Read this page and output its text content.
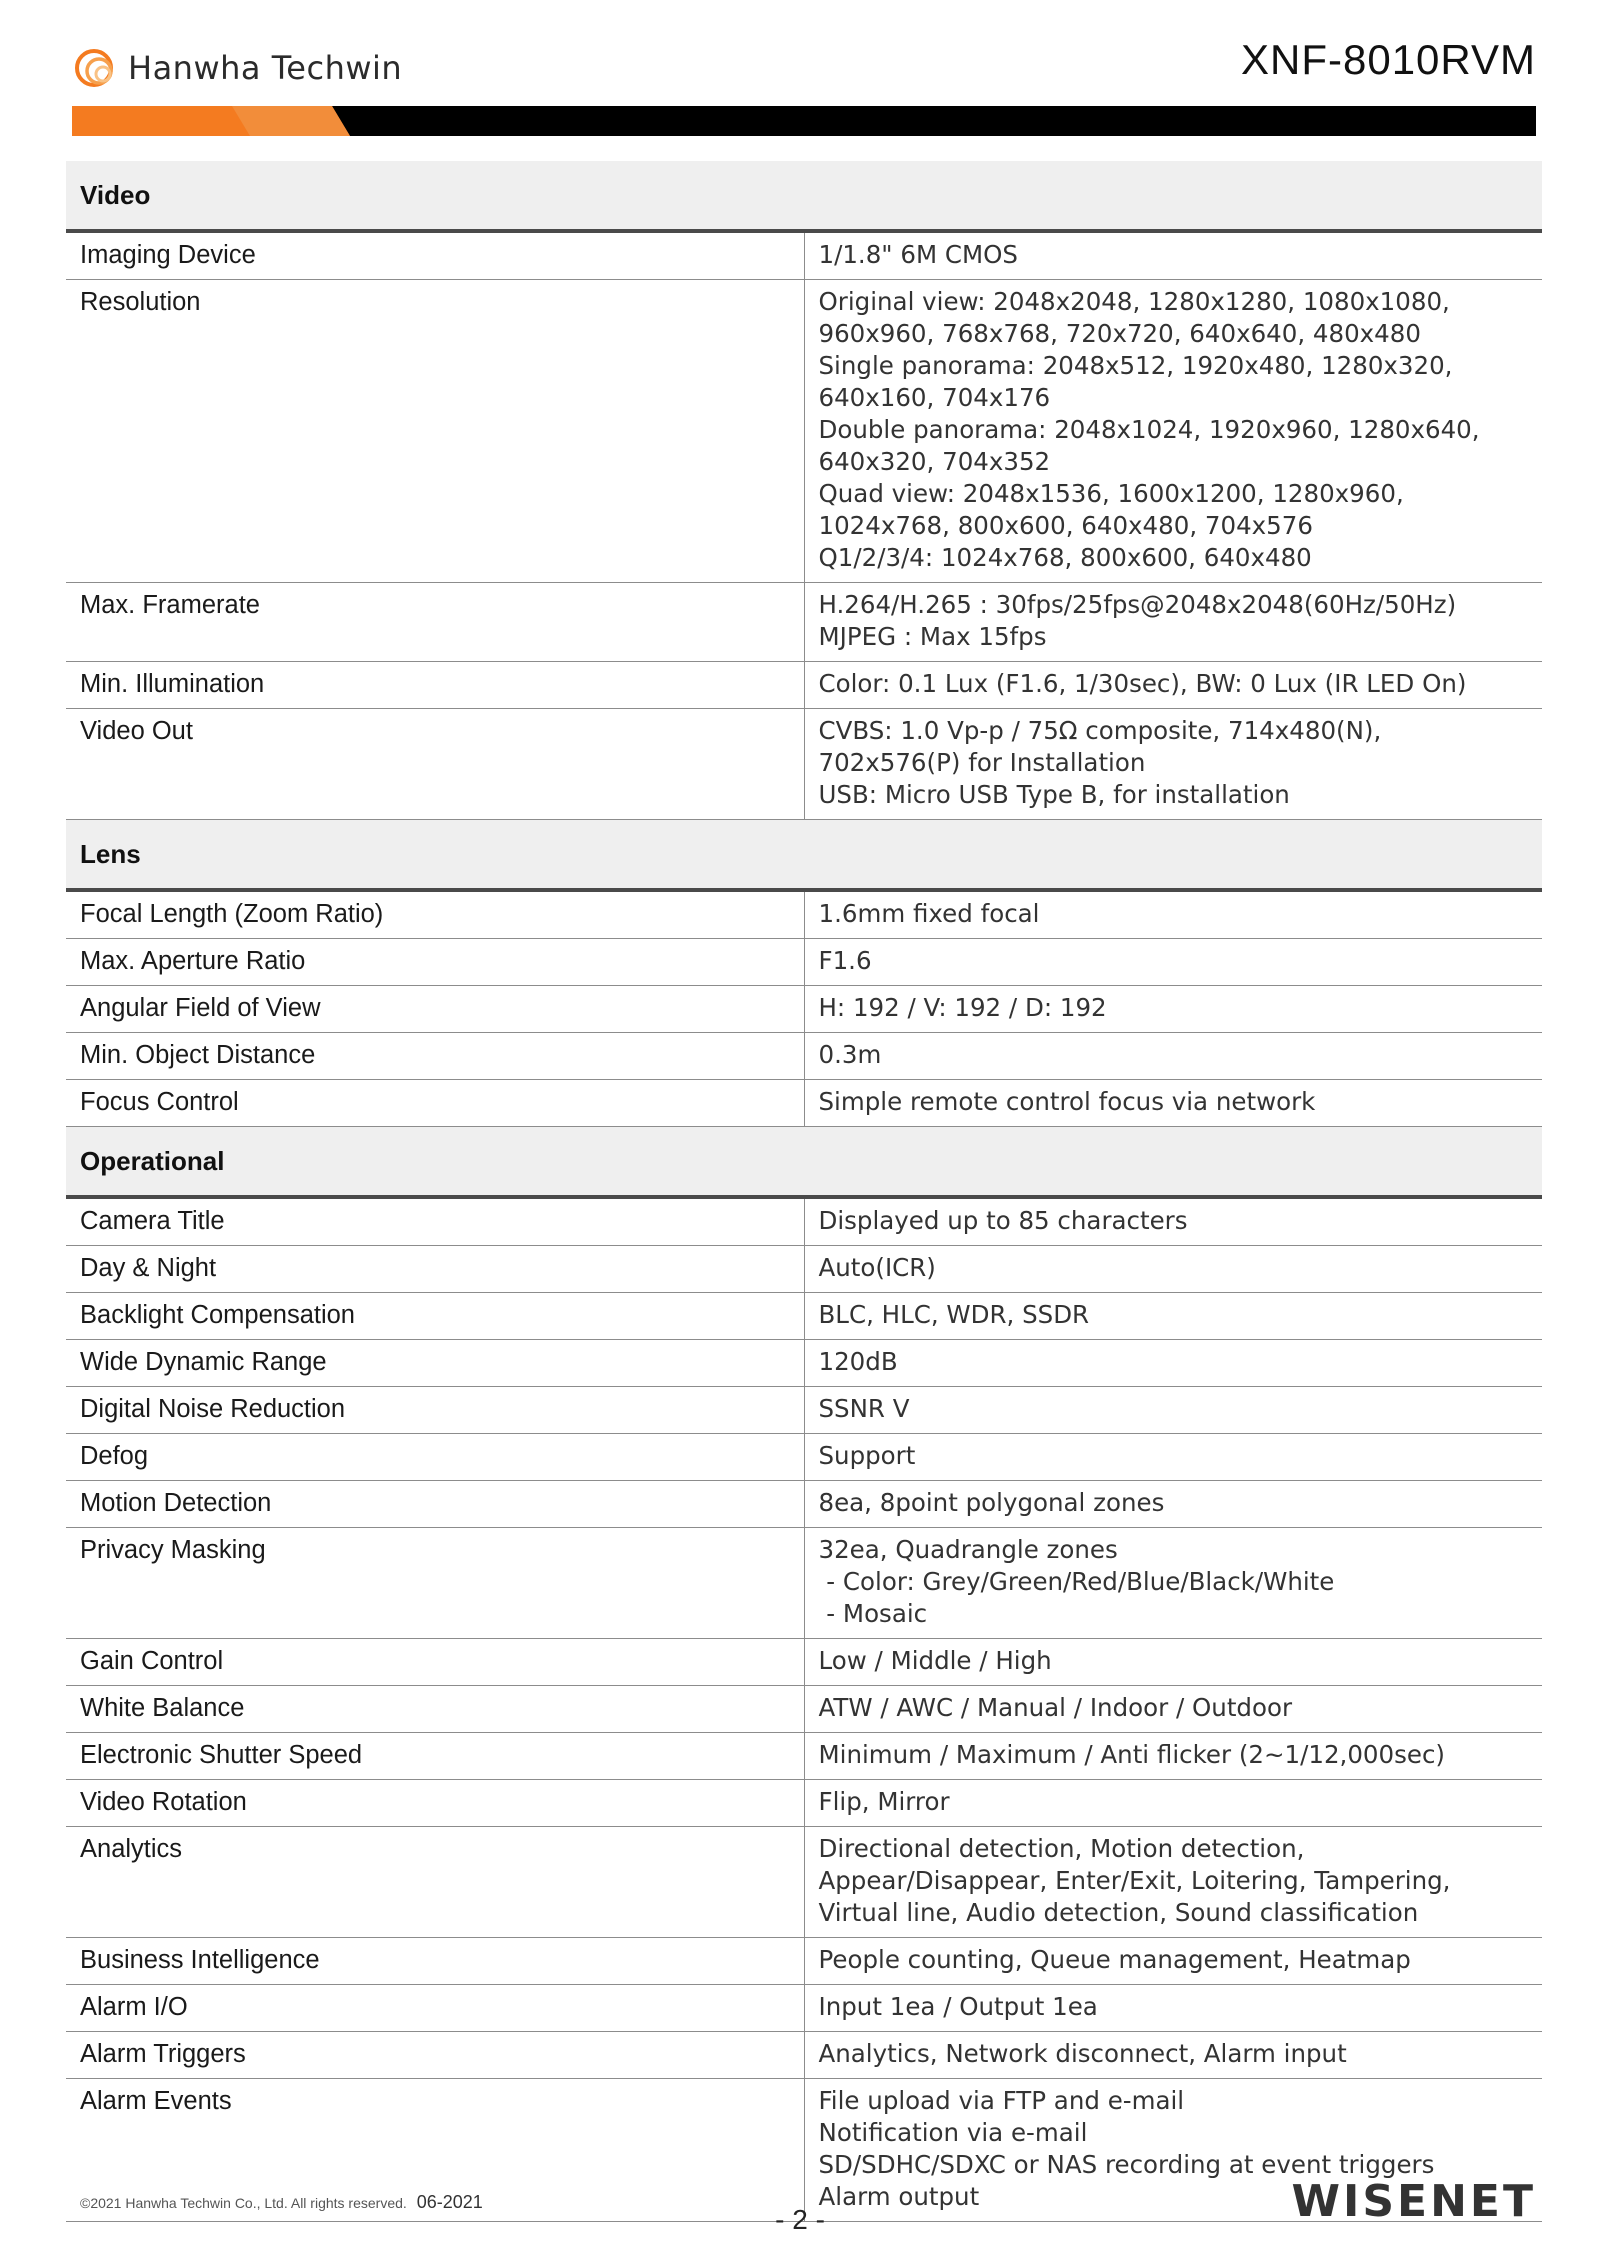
Hanwha Techwin	XNF-8010RVM
Video	
Imaging Device	1/1.8" 6M CMOS

Resolution	Original view: 2048x2048, 1280x1280, 1080x1080, 960x960, 768x768, 720x720, 640x640, 480x480
Single panorama: 2048x512, 1920x480, 1280x320, 640x160, 704x176
Double panorama: 2048x1024, 1920x960, 1280x640, 640x320, 704x352
Quad view: 2048x1536, 1600x1200, 1280x960, 1024x768, 800x600, 640x480, 704x576
Q1/2/3/4: 1024x768, 800x600, 640x480

Max. Framerate	H.264/H.265 : 30fps/25fps@2048x2048(60Hz/50Hz)
MJPEG : Max 15fps

Min. Illumination	Color: 0.1 Lux (F1.6, 1/30sec), BW: 0 Lux (IR LED On)

Video Out	CVBS: 1.0 Vp-p / 75Ω composite, 714x480(N), 702x576(P) for Installation
USB: Micro USB Type B, for installation

Lens	
Focal Length (Zoom Ratio)	1.6mm fixed focal

Max. Aperture Ratio	F1.6

Angular Field of View	H: 192 / V: 192 / D: 192

Min. Object Distance	0.3m

Focus Control	Simple remote control focus via network

Operational	
Camera Title	Displayed up to 85 characters

Day & Night	Auto(ICR)

Backlight Compensation	BLC, HLC, WDR, SSDR

Wide Dynamic Range	120dB

Digital Noise Reduction	SSNR V

Defog	Support

Motion Detection	8ea, 8point polygonal zones

Privacy Masking	32ea, Quadrangle zones
- Color: Grey/Green/Red/Blue/Black/White
- Mosaic

Gain Control	Low / Middle / High

White Balance	ATW / AWC / Manual / Indoor / Outdoor

Electronic Shutter Speed	Minimum / Maximum / Anti flicker (2~1/12,000sec)

Video Rotation	Flip, Mirror

Analytics	Directional detection, Motion detection, Appear/Disappear, Enter/Exit, Loitering, Tampering, Virtual line, Audio detection, Sound classification

Business Intelligence	People counting, Queue management, Heatmap

Alarm I/O	Input 1ea / Output 1ea

Alarm Triggers	Analytics, Network disconnect, Alarm input

Alarm Events	File upload via FTP and e-mail
Notification via e-mail
SD/SDHC/SDXC or NAS recording at event triggers
Alarm output
©2021 Hanwha Techwin Co., Ltd. All rights reserved. 06-2021
- 2 -	WISENET
